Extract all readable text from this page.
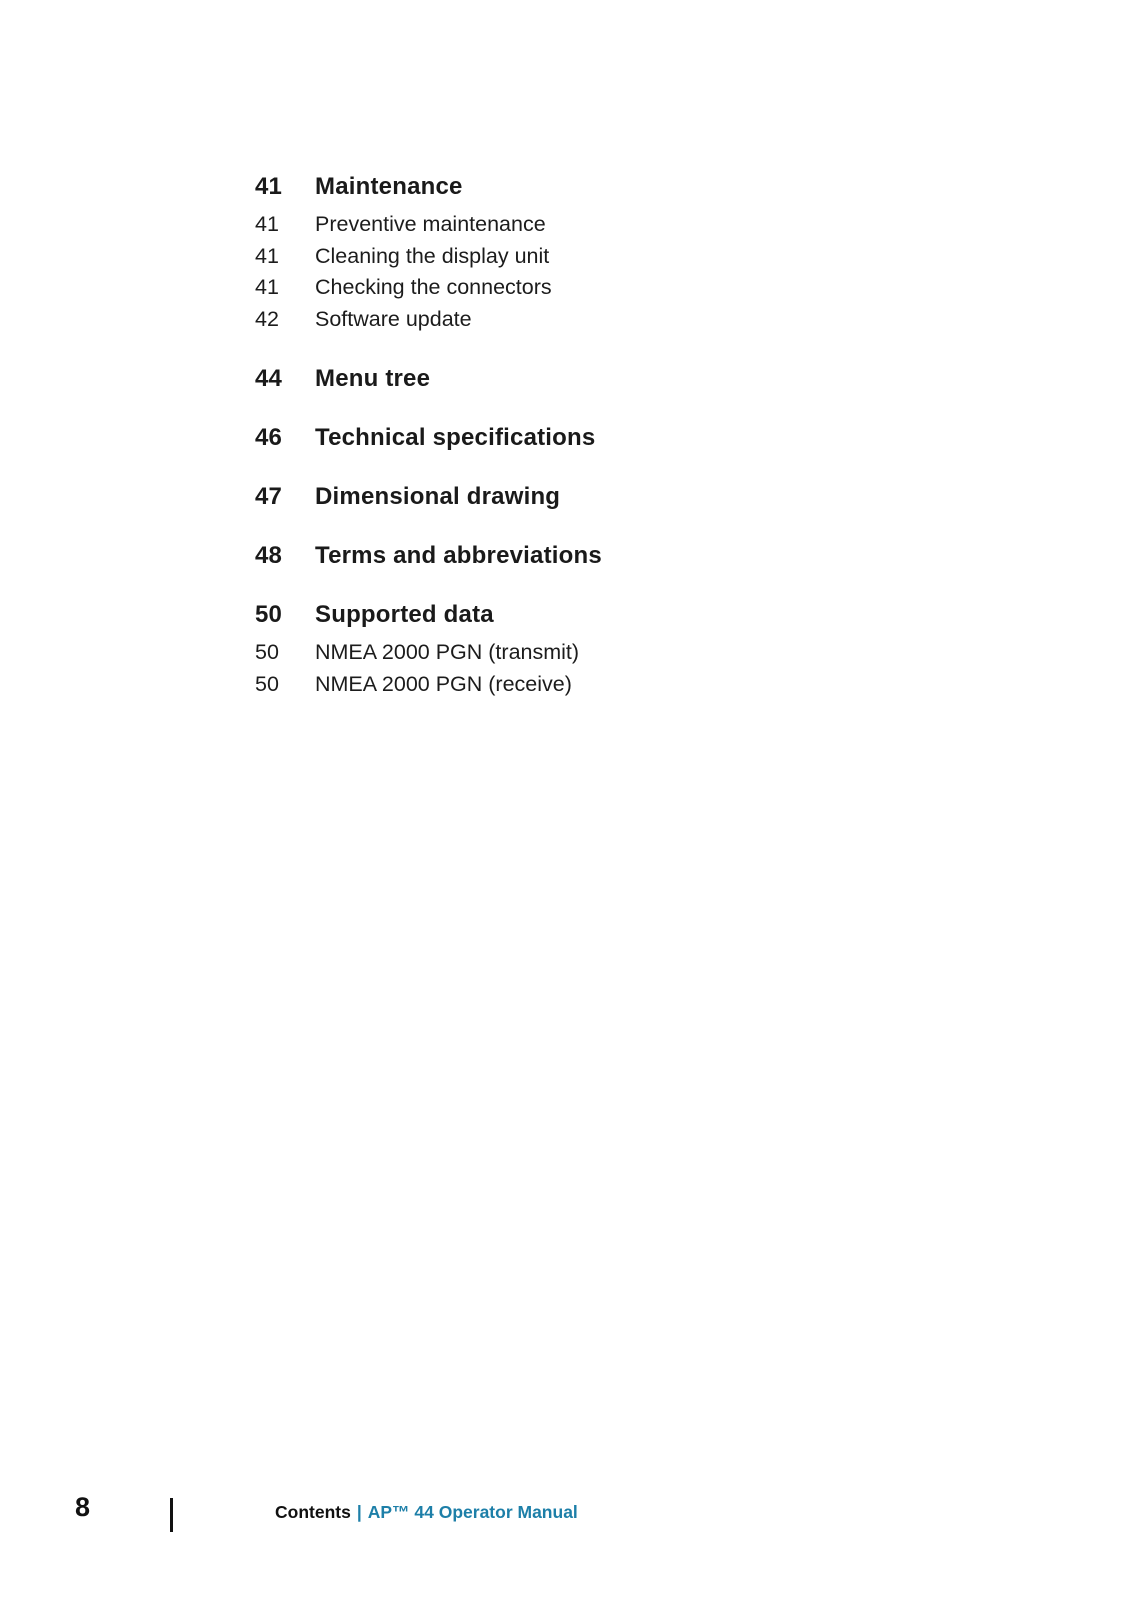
41	Maintenance
41	Preventive maintenance
41	Cleaning the display unit
41	Checking the connectors
42	Software update
44	Menu tree
46	Technical specifications
47	Dimensional drawing
48	Terms and abbreviations
50	Supported data
50	NMEA 2000 PGN (transmit)
50	NMEA 2000 PGN (receive)
8	Contents | AP™ 44 Operator Manual
